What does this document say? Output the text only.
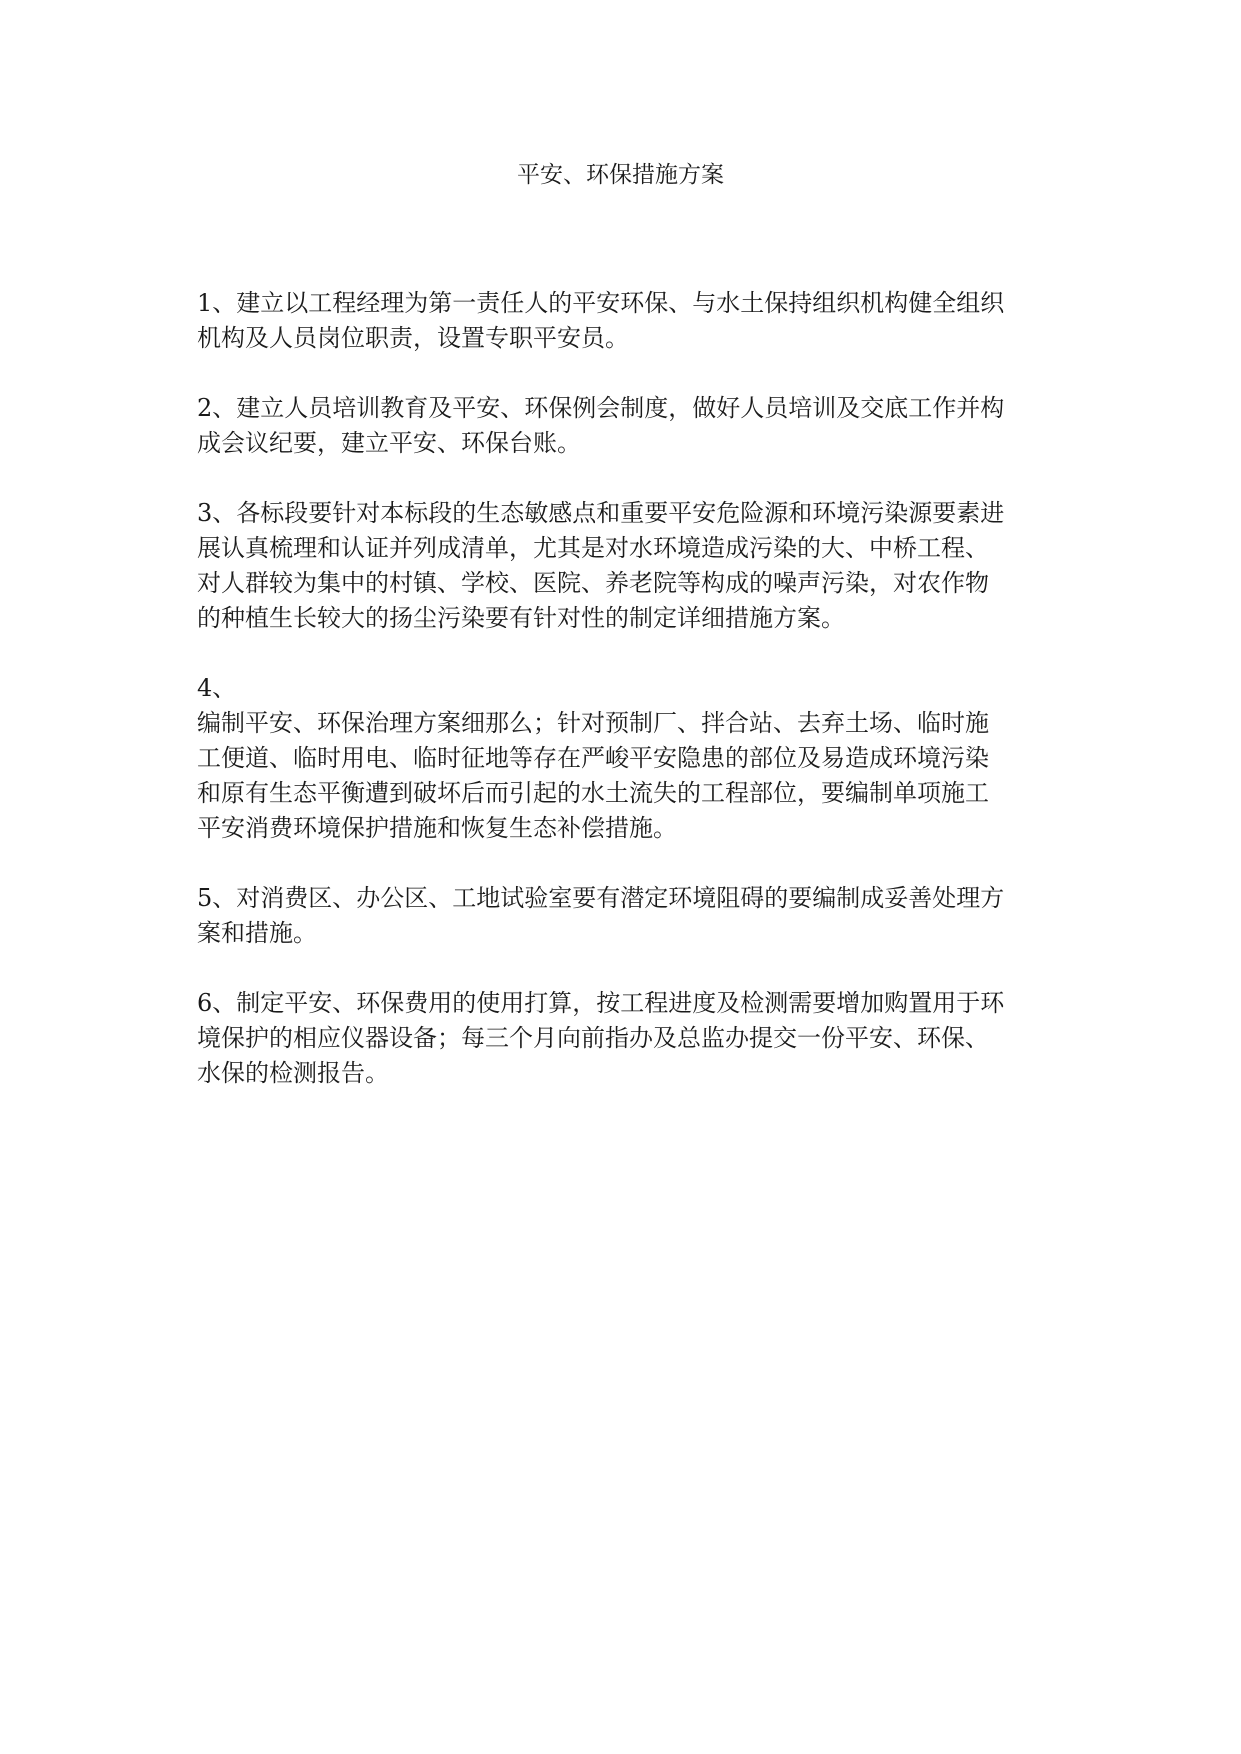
平安、环保措施方案

1、建立以工程经理为第一责任人的平安环保、与水土保持组织机构健全组织
机构及人员岗位职责，设置专职平安员。

2、建立人员培训教育及平安、环保例会制度，做好人员培训及交底工作并构
成会议纪要，建立平安、环保台账。

3、各标段要针对本标段的生态敏感点和重要平安危险源和环境污染源要素进
展认真梳理和认证并列成清单，尤其是对水环境造成污染的大、中桥工程、
对人群较为集中的村镇、学校、医院、养老院等构成的噪声污染，对农作物
的种植生长较大的扬尘污染要有针对性的制定详细措施方案。

4、
编制平安、环保治理方案细那么；针对预制厂、拌合站、去弃土场、临时施
工便道、临时用电、临时征地等存在严峻平安隐患的部位及易造成环境污染
和原有生态平衡遭到破坏后而引起的水土流失的工程部位，要编制单项施工
平安消费环境保护措施和恢复生态补偿措施。

5、对消费区、办公区、工地试验室要有潜定环境阻碍的要编制成妥善处理方
案和措施。

6、制定平安、环保费用的使用打算，按工程进度及检测需要增加购置用于环
境保护的相应仪器设备；每三个月向前指办及总监办提交一份平安、环保、
水保的检测报告。
